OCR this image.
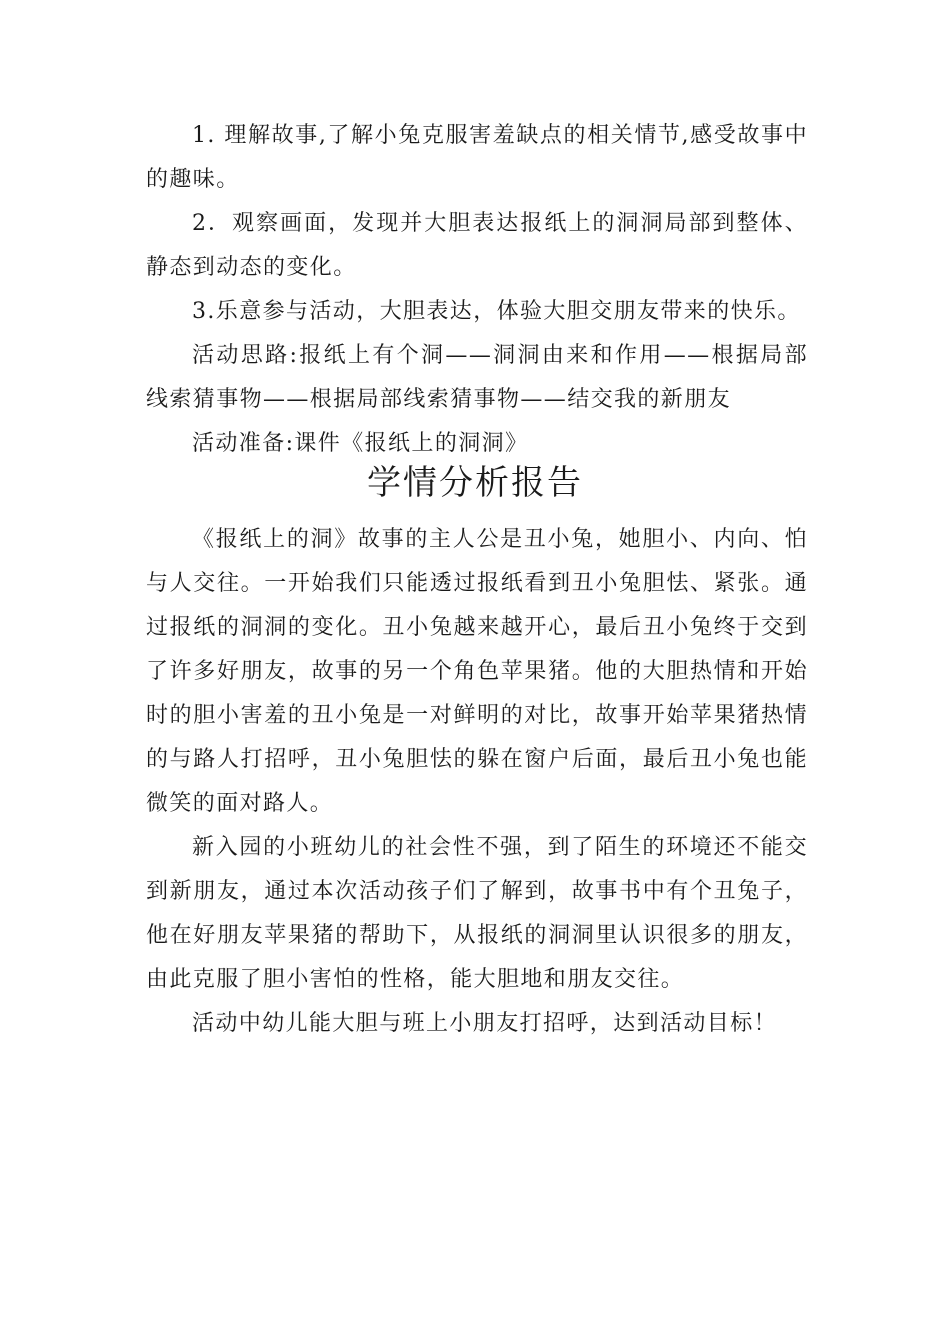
1. 理解故事,了解小兔克服害羞缺点的相关情节,感受故事中的趣味。

2．观察画面，发现并大胆表达报纸上的洞洞局部到整体、静态到动态的变化。

3.乐意参与活动，大胆表达，体验大胆交朋友带来的快乐。

活动思路:报纸上有个洞——洞洞由来和作用——根据局部线索猜事物——根据局部线索猜事物——结交我的新朋友

活动准备:课件《报纸上的洞洞》

学情分析报告

《报纸上的洞》故事的主人公是丑小兔，她胆小、内向、怕与人交往。一开始我们只能透过报纸看到丑小兔胆怯、紧张。通过报纸的洞洞的变化。丑小兔越来越开心，最后丑小兔终于交到了许多好朋友，故事的另一个角色苹果猪。他的大胆热情和开始时的胆小害羞的丑小兔是一对鲜明的对比，故事开始苹果猪热情的与路人打招呼，丑小兔胆怯的躲在窗户后面，最后丑小兔也能微笑的面对路人。

新入园的小班幼儿的社会性不强，到了陌生的环境还不能交到新朋友，通过本次活动孩子们了解到，故事书中有个丑兔子，他在好朋友苹果猪的帮助下，从报纸的洞洞里认识很多的朋友，由此克服了胆小害怕的性格，能大胆地和朋友交往。

活动中幼儿能大胆与班上小朋友打招呼，达到活动目标！
